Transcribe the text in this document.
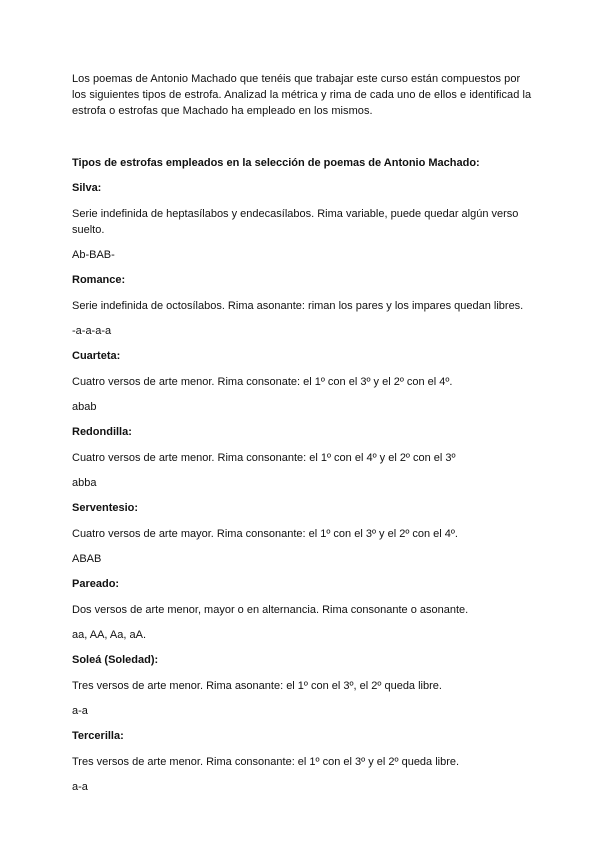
Los poemas de Antonio Machado que tenéis que trabajar este curso están compuestos por los siguientes tipos de estrofa. Analizad la métrica y rima de cada uno de ellos e identificad la estrofa o estrofas que Machado ha empleado en los mismos.

Tipos de estrofas empleados en la selección de poemas de Antonio Machado:

Silva:

Serie indefinida de heptasílabos y endecasílabos. Rima variable, puede quedar algún verso suelto.

Ab-BAB-

Romance:

Serie indefinida de octosílabos. Rima asonante: riman los pares y los impares quedan libres.

-a-a-a-a

Cuarteta:

Cuatro versos de arte menor. Rima consonate: el 1º con el 3º y el 2º con el 4º.

abab

Redondilla:

Cuatro versos de arte menor. Rima consonante: el 1º con el 4º y el 2º con el 3º

abba

Serventesio:

Cuatro versos de arte mayor. Rima consonante: el 1º con el 3º y el 2º con el 4º.

ABAB

Pareado:

Dos versos de arte menor, mayor o en alternancia. Rima consonante o asonante.

aa, AA, Aa, aA.

Soleá (Soledad):

Tres versos de arte menor. Rima asonante: el 1º con el 3º, el 2º queda libre.

a-a

Tercerilla:

Tres versos de arte menor. Rima consonante: el 1º con el 3º y el 2º queda libre.

a-a
